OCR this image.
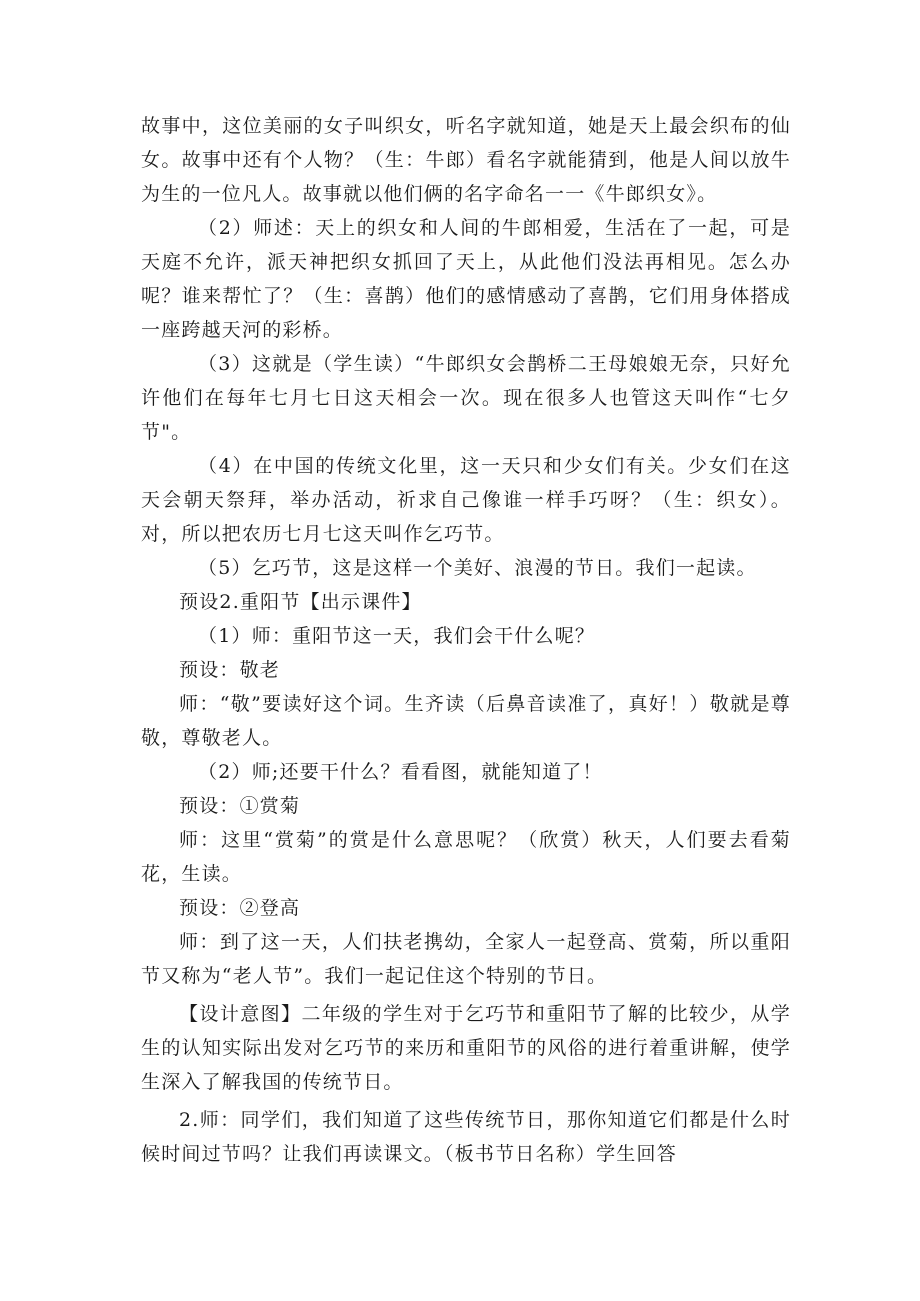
故事中，这位美丽的女子叫织女，听名字就知道，她是天上最会织布的仙女。故事中还有个人物？（生：牛郎）看名字就能猜到，他是人间以放牛为生的一位凡人。故事就以他们俩的名字命名一一《牛郎织女》。

（2）师述：天上的织女和人间的牛郎相爱，生活在了一起，可是天庭不允许，派天神把织女抓回了天上，从此他们没法再相见。怎么办呢？谁来帮忙了？（生：喜鹊）他们的感情感动了喜鹊，它们用身体搭成一座跨越天河的彩桥。

（3）这就是（学生读）“牛郎织女会鹊桥二王母娘娘无奈，只好允许他们在每年七月七日这天相会一次。现在很多人也管这天叫作“七夕节"。

（4）在中国的传统文化里，这一天只和少女们有关。少女们在这天会朝天祭拜，举办活动，祈求自己像谁一样手巧呀？（生：织女）。对，所以把农历七月七这天叫作乞巧节。

（5）乞巧节，这是这样一个美好、浪漫的节日。我们一起读。

预设2.重阳节【出示课件】

（1）师：重阳节这一天，我们会干什么呢？

预设：敬老

师：“敬”要读好这个词。生齐读（后鼻音读准了，真好！）敬就是尊敬，尊敬老人。

（2）师;还要干什么？看看图，就能知道了！

预设：①赏菊

师：这里“赏菊”的赏是什么意思呢？（欣赏）秋天，人们要去看菊花，生读。

预设：②登高

师：到了这一天，人们扶老携幼，全家人一起登高、赏菊，所以重阳节又称为“老人节”。我们一起记住这个特别的节日。

【设计意图】二年级的学生对于乞巧节和重阳节了解的比较少，从学生的认知实际出发对乞巧节的来历和重阳节的风俗的进行着重讲解，使学生深入了解我国的传统节日。

2.师：同学们，我们知道了这些传统节日，那你知道它们都是什么时候时间过节吗？让我们再读课文。（板书节日名称）学生回答
